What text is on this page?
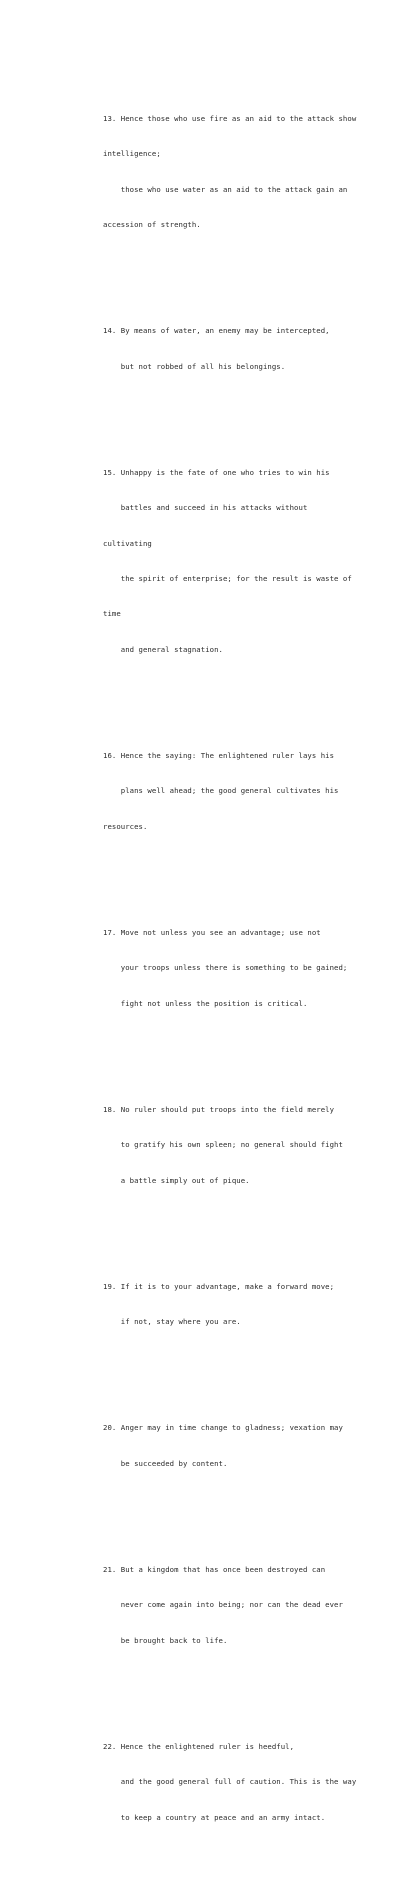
13. Hence those who use fire as an aid to the attack show

intelligence;

those who use water as an aid to the attack gain an

accession of strength.

14. By means of water, an enemy may be intercepted,

but not robbed of all his belongings.

15. Unhappy is the fate of one who tries to win his

battles and succeed in his attacks without

cultivating

the spirit of enterprise; for the result is waste of

time

and general stagnation.

16. Hence the saying: The enlightened ruler lays his

plans well ahead; the good general cultivates his

resources.

17. Move not unless you see an advantage; use not

your troops unless there is something to be gained;

fight not unless the position is critical.

18. No ruler should put troops into the field merely

to gratify his own spleen; no general should fight

a battle simply out of pique.

19. If it is to your advantage, make a forward move;

if not, stay where you are.

20. Anger may in time change to gladness; vexation may

be succeeded by content.

21. But a kingdom that has once been destroyed can

never come again into being; nor can the dead ever

be brought back to life.

22. Hence the enlightened ruler is heedful,

and the good general full of caution. This is the way

to keep a country at peace and an army intact.
